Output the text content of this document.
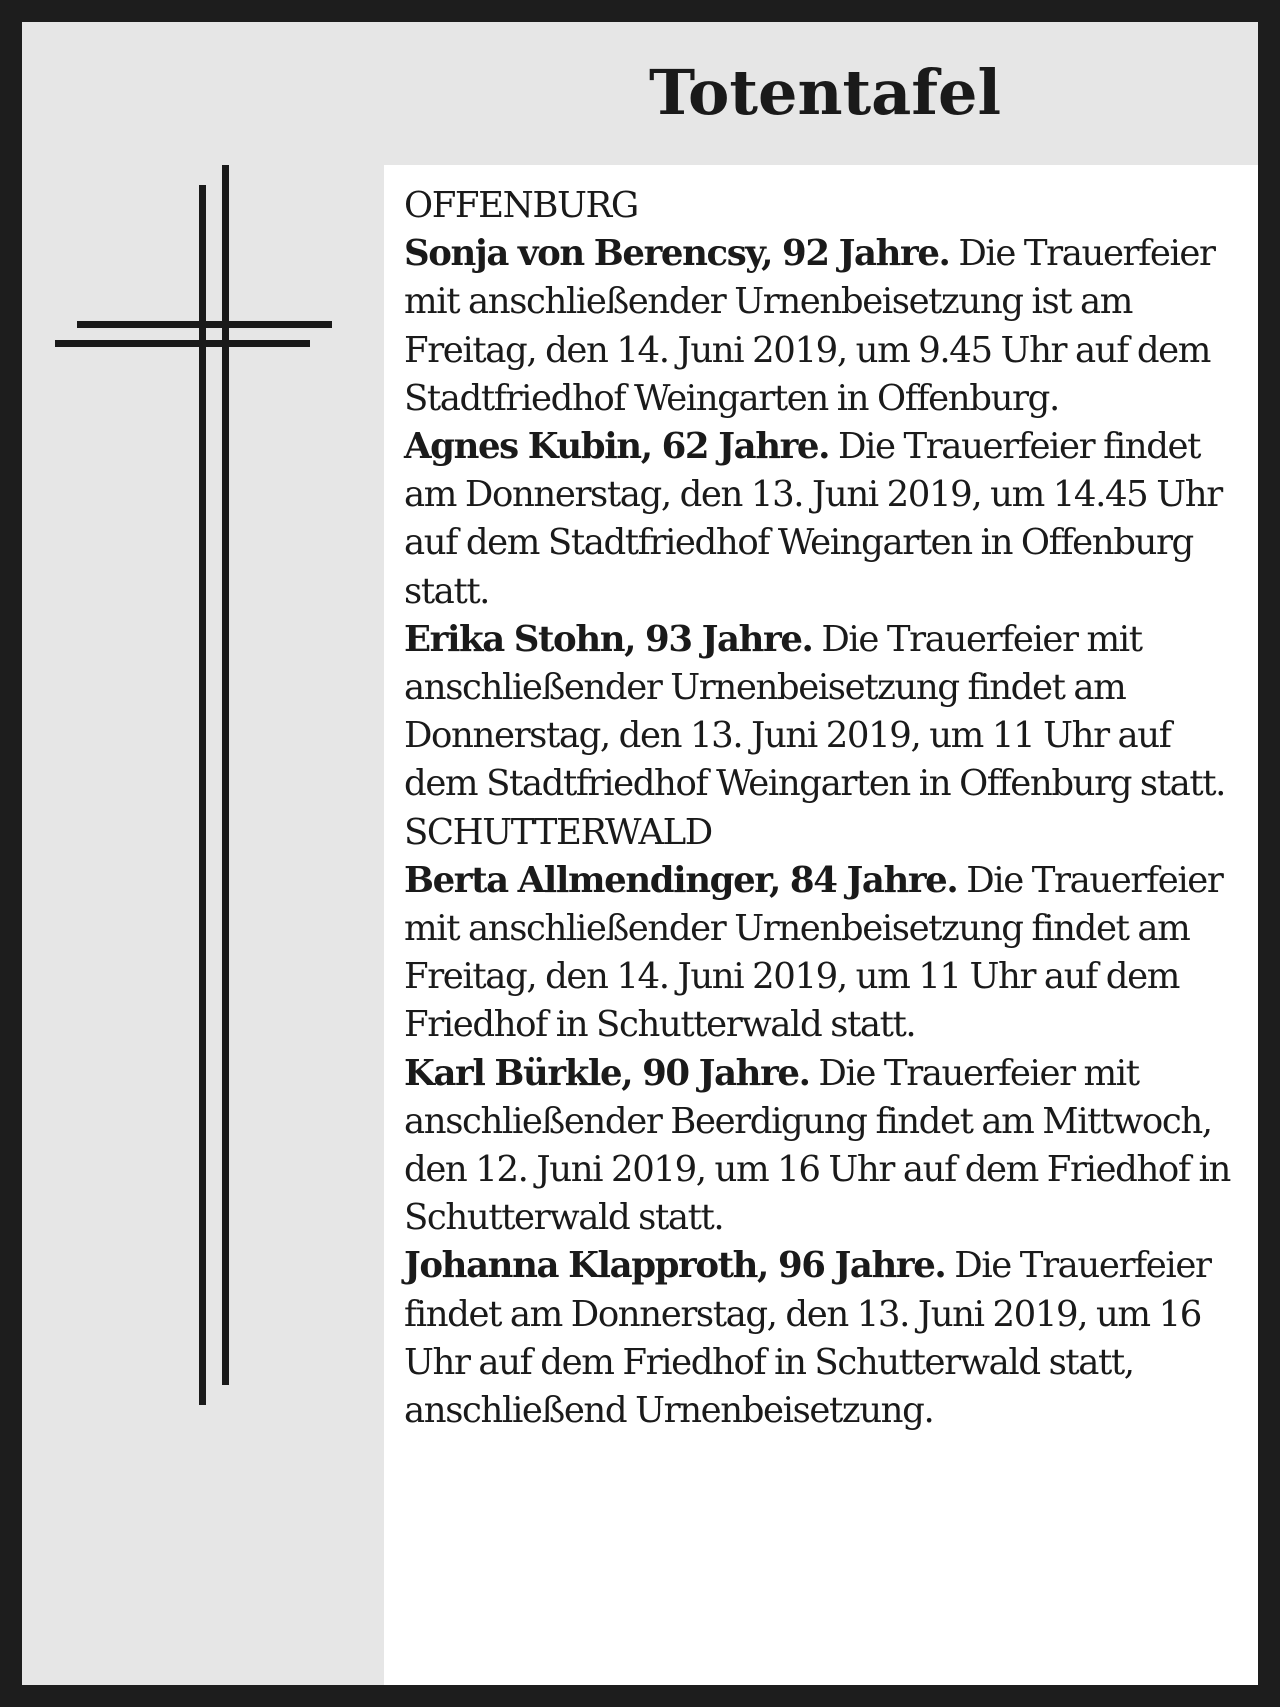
Totentafel
OFFENBURG

Sonja von Berencsy, 92 Jahre. Die Trauerfeier mit anschließender Urnenbeisetzung ist am Freitag, den 14. Juni 2019, um 9.45 Uhr auf dem Stadtfriedhof Weingarten in Offenburg.

Agnes Kubin, 62 Jahre. Die Trauerfeier findet am Donnerstag, den 13. Juni 2019, um 14.45 Uhr auf dem Stadtfriedhof Weingarten in Offenburg statt.

Erika Stohn, 93 Jahre. Die Trauerfeier mit anschließender Urnenbeisetzung findet am Donnerstag, den 13. Juni 2019, um 11 Uhr auf dem Stadtfriedhof Weingarten in Offenburg statt.

SCHUTTERWALD

Berta Allmendinger, 84 Jahre. Die Trauerfeier mit anschließender Urnenbeisetzung findet am Freitag, den 14. Juni 2019, um 11 Uhr auf dem Friedhof in Schutterwald statt.

Karl Bürkle, 90 Jahre. Die Trauerfeier mit anschließender Beerdigung findet am Mittwoch, den 12. Juni 2019, um 16 Uhr auf dem Friedhof in Schutterwald statt.

Johanna Klapproth, 96 Jahre. Die Trauerfeier findet am Donnerstag, den 13. Juni 2019, um 16 Uhr auf dem Friedhof in Schutterwald statt, anschließend Urnenbeisetzung.
